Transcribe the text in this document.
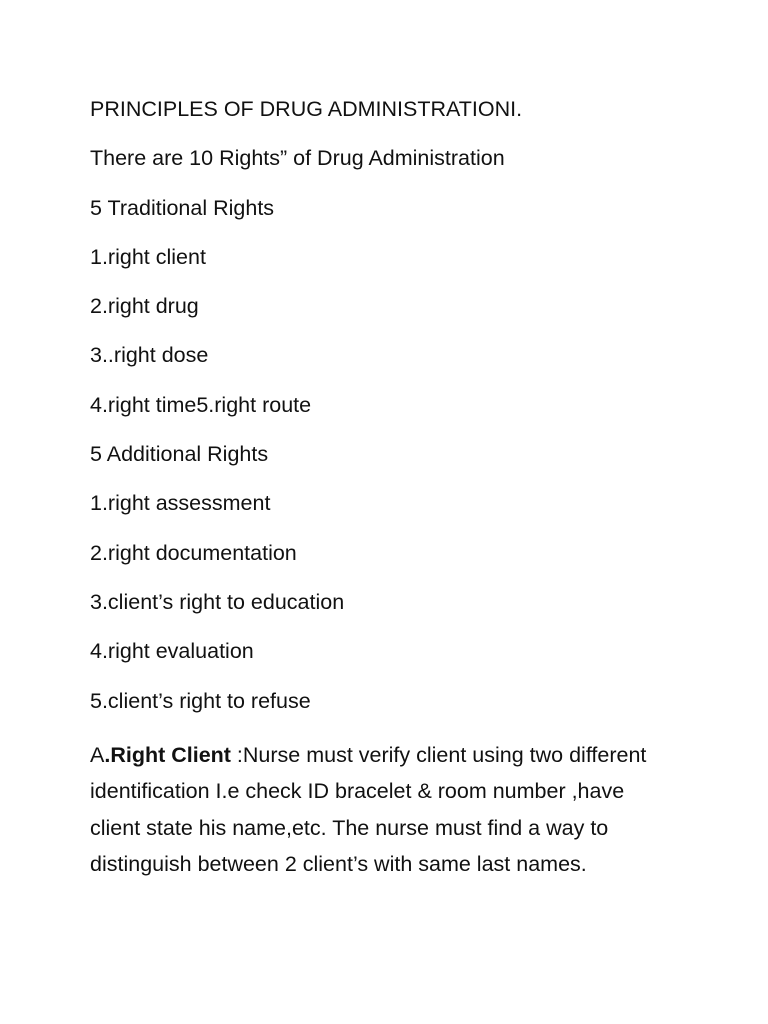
PRINCIPLES OF DRUG ADMINISTRATIONI.

There are 10 Rights” of Drug Administration

5 Traditional Rights

1.right client

2.right drug

3..right dose

4.right time5.right route

5 Additional Rights

1.right assessment

2.right documentation

3.client’s right to education

4.right evaluation

5.client’s right to refuse

A.Right Client :Nurse must verify client using two different identification I.e check ID bracelet & room number ,have client state his name,etc. The nurse must find a way to distinguish between 2 client’s with same last names.
